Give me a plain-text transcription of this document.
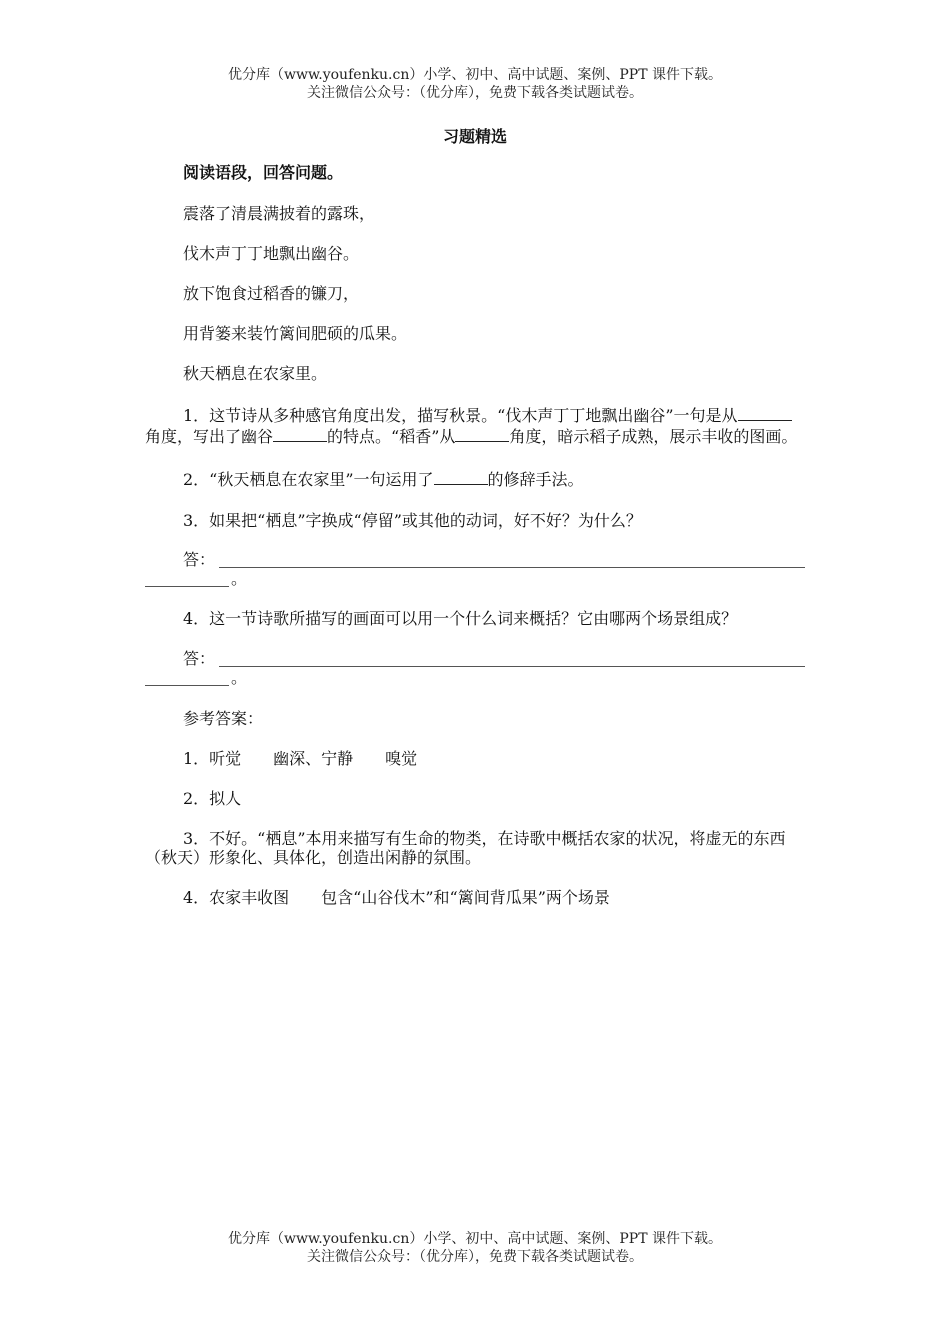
优分库（www.youfenku.cn）小学、初中、高中试题、案例、PPT 课件下载。
关注微信公众号：（优分库），免费下载各类试题试卷。
习题精选

阅读语段，回答问题。

震落了清晨满披着的露珠，

伐木声丁丁地飘出幽谷。

放下饱食过稻香的镰刀，

用背篓来装竹篱间肥硕的瓜果。

秋天栖息在农家里。

1．这节诗从多种感官角度出发，描写秋景。“伐木声丁丁地飘出幽谷”一句是从角度，写出了幽谷	的特点。“稻香”从	角度，暗示稻子成熟，展示丰收的图画。

2．“秋天栖息在农家里”一句运用了	的修辞手法。

3．如果把“栖息”字换成“停留”或其他的动词，好不好？为什么？

答：
。

4．这一节诗歌所描写的画面可以用一个什么词来概括？它由哪两个场景组成？

答：
。

参考答案：

1．听觉　　幽深、宁静　　嗅觉

2．拟人

3．不好。“栖息”本用来描写有生命的物类，在诗歌中概括农家的状况，将虚无的东西（秋天）形象化、具体化，创造出闲静的氛围。

4．农家丰收图　　包含“山谷伐木”和“篱间背瓜果”两个场景

优分库（www.youfenku.cn）小学、初中、高中试题、案例、PPT 课件下载。
关注微信公众号：（优分库），免费下载各类试题试卷。
